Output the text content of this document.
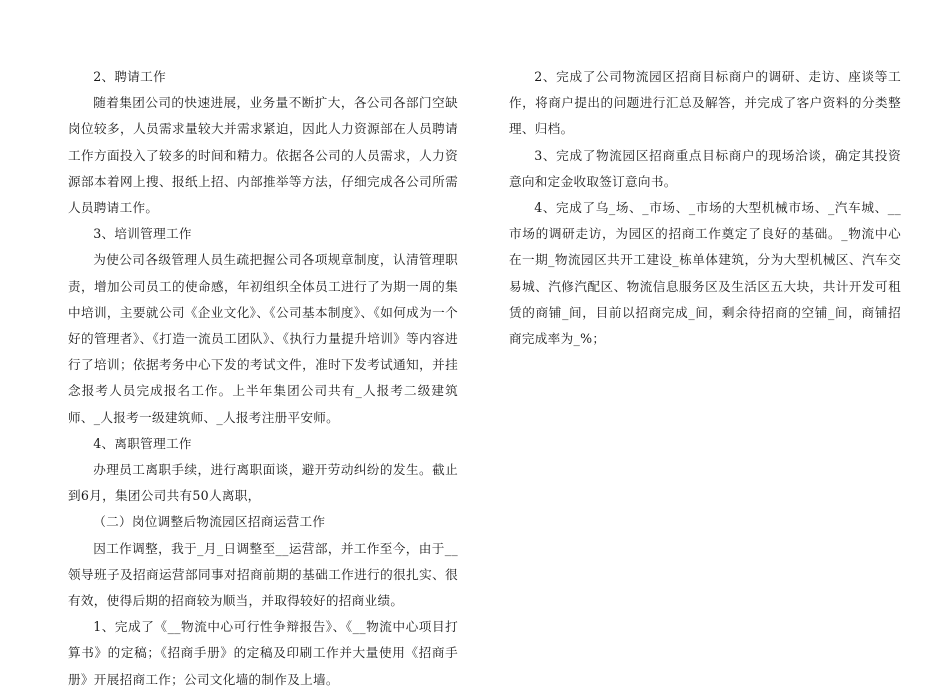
2、聘请工作

随着集团公司的快速进展，业务量不断扩大，各公司各部门空缺岗位较多，人员需求量较大并需求紧迫，因此人力资源部在人员聘请工作方面投入了较多的时间和精力。依据各公司的人员需求，人力资源部本着网上搜、报纸上招、内部推举等方法，仔细完成各公司所需人员聘请工作。

3、培训管理工作

为使公司各级管理人员生疏把握公司各项规章制度，认清管理职责，增加公司员工的使命感，年初组织全体员工进行了为期一周的集中培训，主要就公司《企业文化》、《公司基本制度》、《如何成为一个好的管理者》、《打造一流员工团队》、《执行力量提升培训》等内容进行了培训；依据考务中心下发的考试文件，准时下发考试通知，并挂念报考人员完成报名工作。上半年集团公司共有_人报考二级建筑师、_人报考一级建筑师、_人报考注册平安师。

4、离职管理工作

办理员工离职手续，进行离职面谈，避开劳动纠纷的发生。截止到6月，集团公司共有50人离职，

（二）岗位调整后物流园区招商运营工作

因工作调整，我于_月_日调整至__运营部，并工作至今，由于__领导班子及招商运营部同事对招商前期的基础工作进行的很扎实、很有效，使得后期的招商较为顺当，并取得较好的招商业绩。

1、完成了《__物流中心可行性争辩报告》、《__物流中心项目打算书》的定稿；《招商手册》的定稿及印刷工作并大量使用《招商手册》开展招商工作；公司文化墙的制作及上墙。

2、完成了公司物流园区招商目标商户的调研、走访、座谈等工作，将商户提出的问题进行汇总及解答，并完成了客户资料的分类整理、归档。

3、完成了物流园区招商重点目标商户的现场洽谈，确定其投资意向和定金收取签订意向书。

4、完成了乌_场、_市场、_市场的大型机械市场、_汽车城、__市场的调研走访，为园区的招商工作奠定了良好的基础。_物流中心在一期_物流园区共开工建设_栋单体建筑，分为大型机械区、汽车交易城、汽修汽配区、物流信息服务区及生活区五大块，共计开发可租赁的商铺_间，目前以招商完成_间，剩余待招商的空铺_间，商铺招商完成率为_%；
